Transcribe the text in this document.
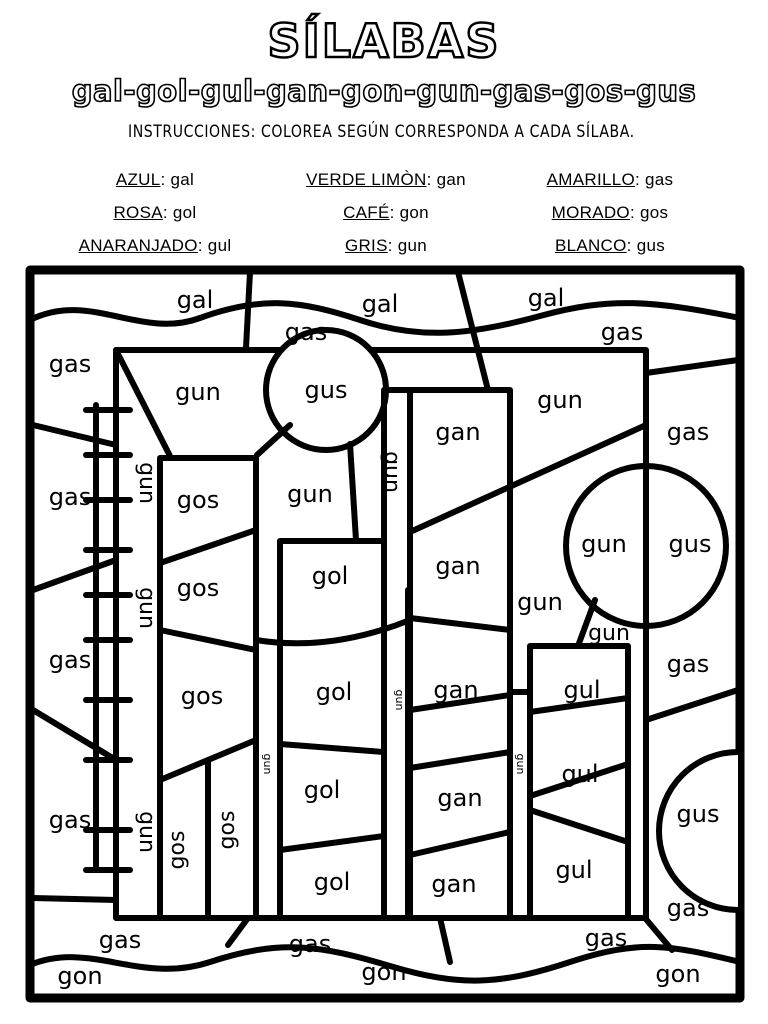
SÍLABAS
gal-gol-gul-gan-gon-gun-gas-gos-gus
INSTRUCCIONES: COLOREA SEGÚN CORRESPONDA A CADA SÍLABA.
AZUL: gal	VERDE LIMÒN: gan	AMARILLO: gas
ROSA: gol	CAFÉ: gon	MORADO: gos
ANARANJADO: gul	GRIS: gun	BLANCO: gus
gal	gal	gal
gas	gas
gas
gun	gus	gun
gan
gun
gas
gas gun gos	gun
gun gus
gos	gol	gan
gun
gun
gas
gos	gol	gan	gul
gun
gas
gol
gun
gul
gun
gun
gan
gus
gas gun gos
gos
gol	gan	gul
gas
gas	gas	gas
gon	gon	gon
